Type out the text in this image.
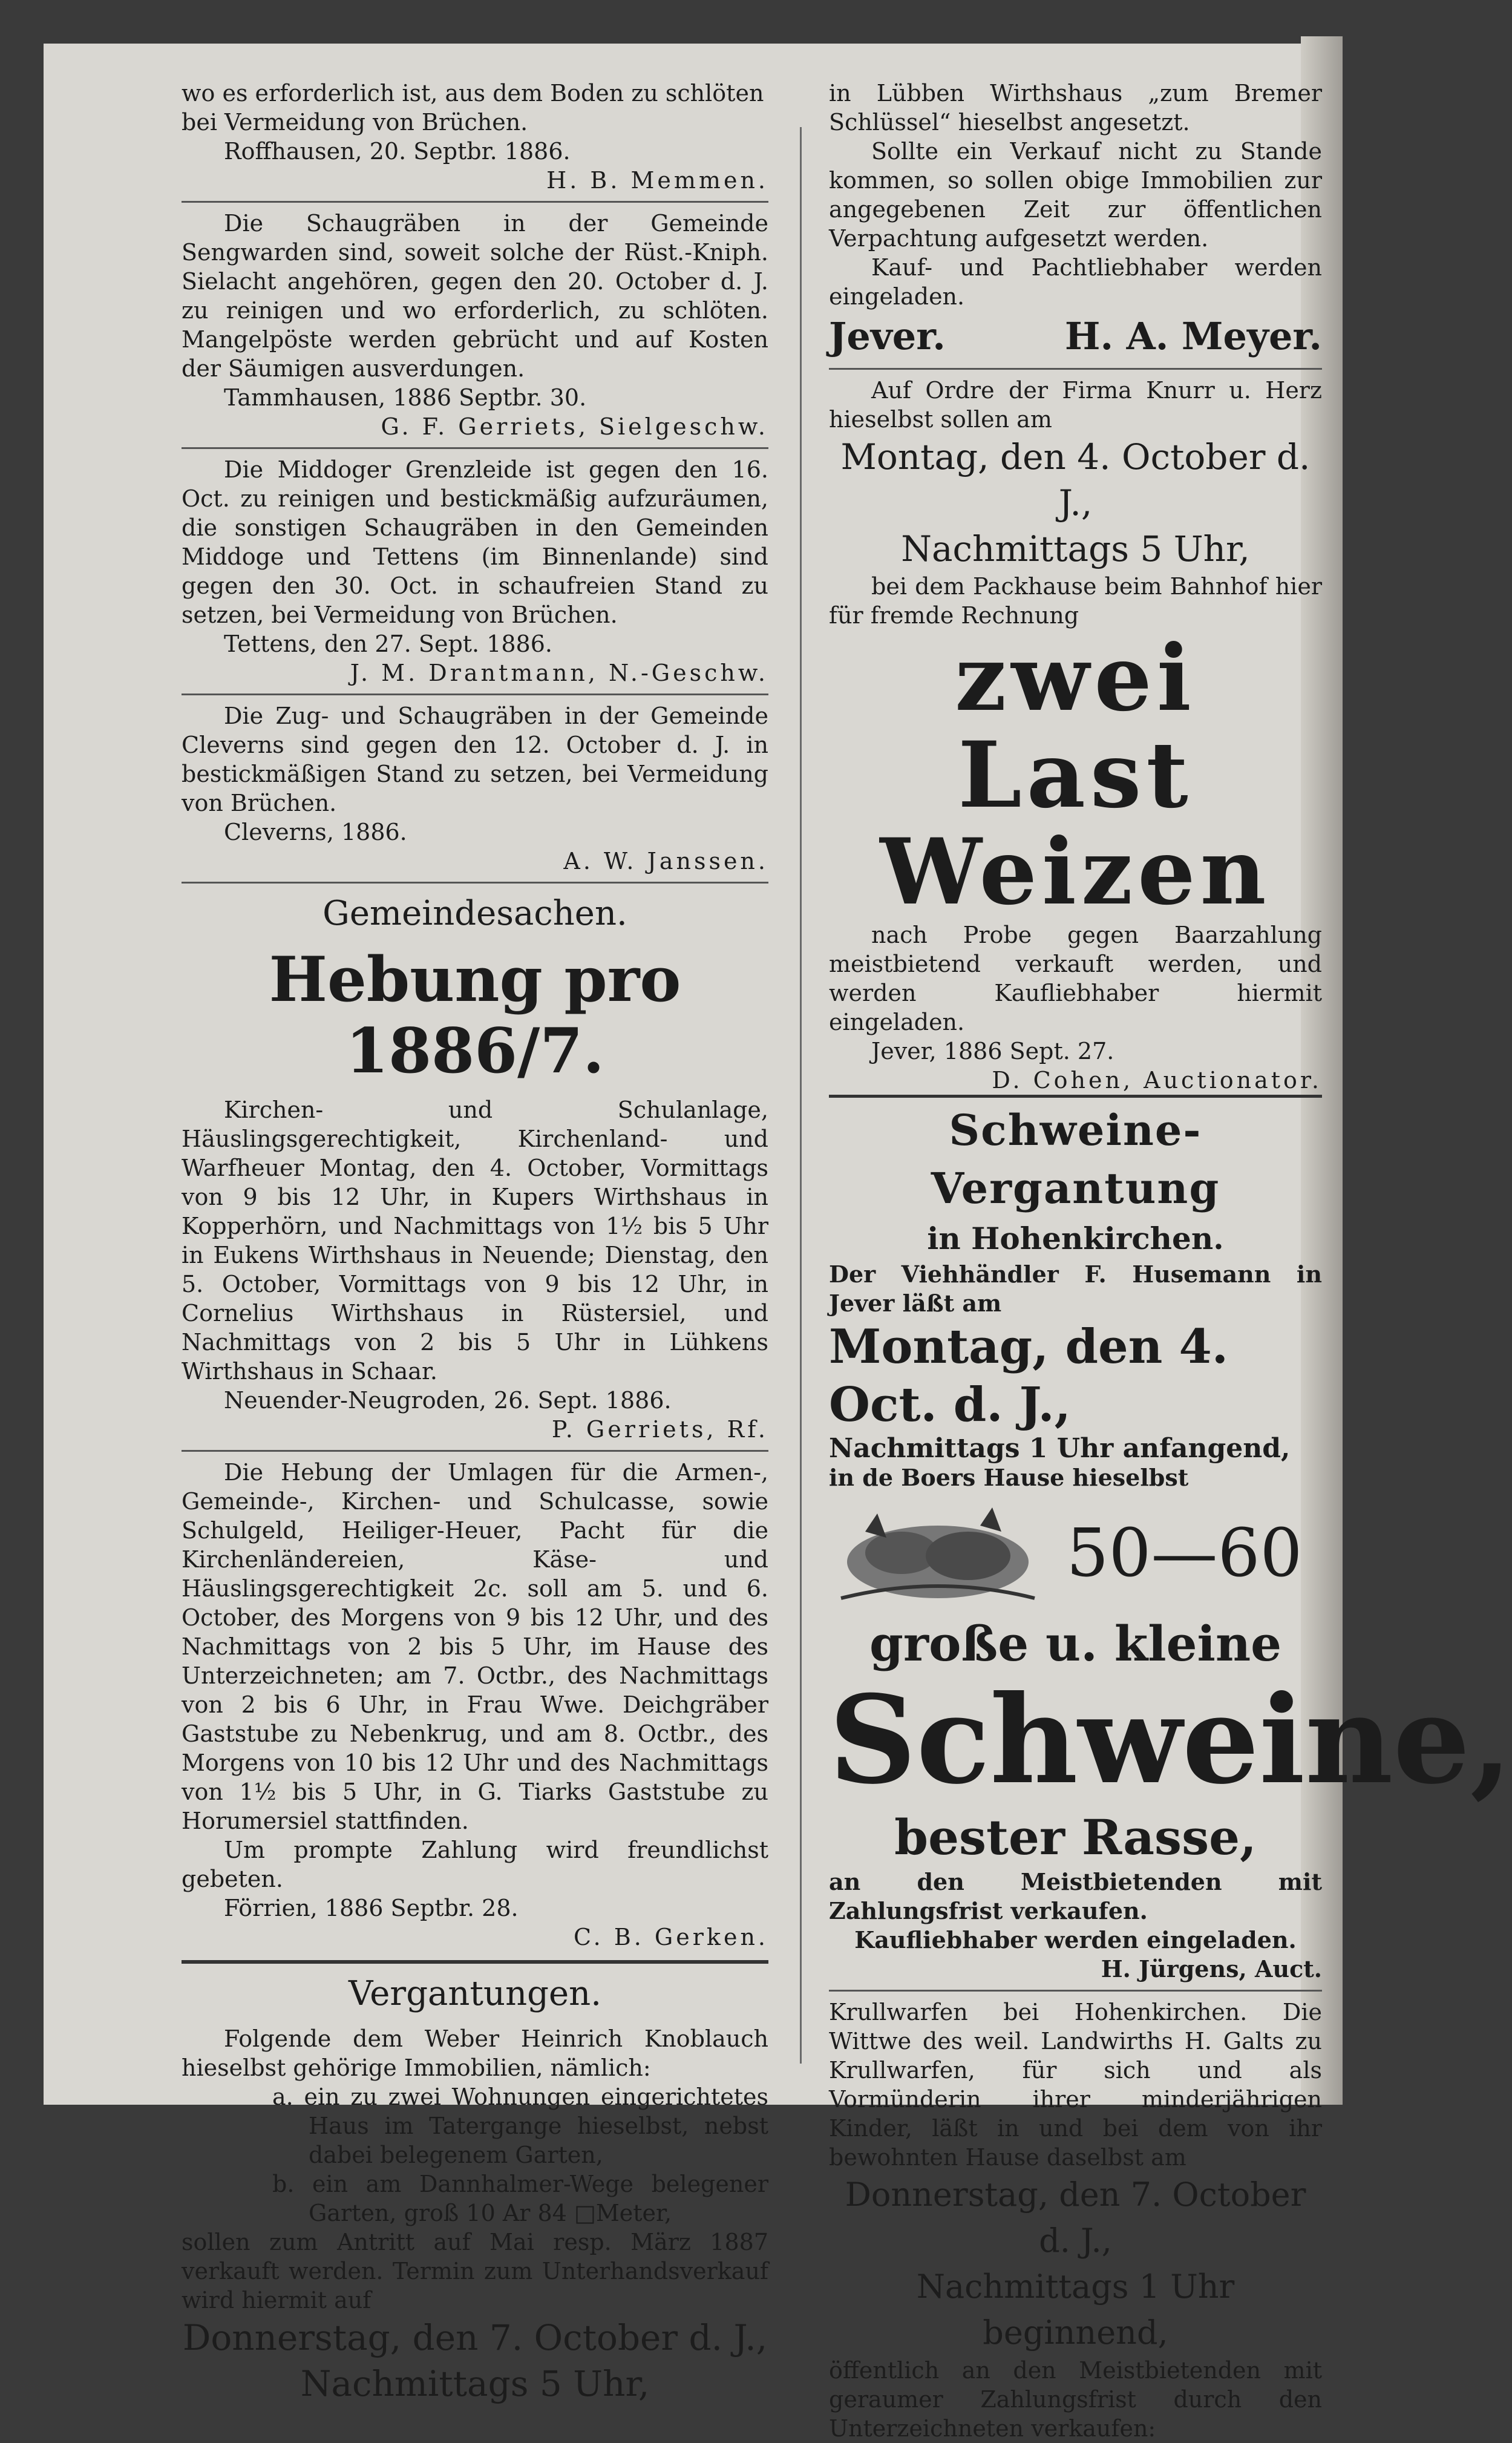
wo es erforderlich ist, aus dem Boden zu schlöten

bei Vermeidung von Brüchen.

Roffhausen, 20. Septbr. 1886.

H. B. Memmen.

Die Schaugräben in der Gemeinde Sengwarden sind, soweit solche der Rüst.-Kniph. Sielacht angehören, gegen den 20. October d. J. zu reinigen und wo erforderlich, zu schlöten. Mangelpöste werden gebrücht und auf Kosten der Säumigen ausverdungen.

Tammhausen, 1886 Septbr. 30.

G. F. Gerriets, Sielgeschw.

Die Middoger Grenzleide ist gegen den 16. Oct. zu reinigen und bestickmäßig aufzuräumen, die sonstigen Schaugräben in den Gemeinden Middoge und Tettens (im Binnenlande) sind gegen den 30. Oct. in schaufreien Stand zu setzen, bei Vermeidung von Brüchen.

Tettens, den 27. Sept. 1886.

J. M. Drantmann, N.-Geschw.

Die Zug- und Schaugräben in der Gemeinde Cleverns sind gegen den 12. October d. J. in bestickmäßigen Stand zu setzen, bei Vermeidung von Brüchen.

Cleverns, 1886.

A. W. Janssen.

Gemeindesachen.

Hebung pro 1886/7.

Kirchen- und Schulanlage, Häuslingsgerechtigkeit, Kirchenland- und Warfheuer Montag, den 4. October, Vormittags von 9 bis 12 Uhr, in Kupers Wirthshaus in Kopperhörn, und Nachmittags von 1½ bis 5 Uhr in Eukens Wirthshaus in Neuende; Dienstag, den 5. October, Vormittags von 9 bis 12 Uhr, in Cornelius Wirthshaus in Rüstersiel, und Nachmittags von 2 bis 5 Uhr in Lühkens Wirthshaus in Schaar.

Neuender-Neugroden, 26. Sept. 1886.

P. Gerriets, Rf.

Die Hebung der Umlagen für die Armen-, Gemeinde-, Kirchen- und Schulcasse, sowie Schulgeld, Heiliger-Heuer, Pacht für die Kirchenländereien, Käse- und Häuslingsgerechtigkeit 2c. soll am 5. und 6. October, des Morgens von 9 bis 12 Uhr, und des Nachmittags von 2 bis 5 Uhr, im Hause des Unterzeichneten; am 7. Octbr., des Nachmittags von 2 bis 6 Uhr, in Frau Wwe. Deichgräber Gaststube zu Nebenkrug, und am 8. Octbr., des Morgens von 10 bis 12 Uhr und des Nachmittags von 1½ bis 5 Uhr, in G. Tiarks Gaststube zu Horumersiel stattfinden.

Um prompte Zahlung wird freundlichst gebeten.

Förrien, 1886 Septbr. 28.

C. B. Gerken.

Vergantungen.

Folgende dem Weber Heinrich Knoblauch hieselbst gehörige Immobilien, nämlich:

a. ein zu zwei Wohnungen eingerichtetes Haus im Tatergange hieselbst, nebst dabei belegenem Garten,

b. ein am Dannhalmer-Wege belegener Garten, groß 10 Ar 84 □Meter,

sollen zum Antritt auf Mai resp. März 1887 verkauft werden. Termin zum Unterhandsverkauf wird hiermit auf

Donnerstag, den 7. October d. J.,

Nachmittags 5 Uhr,

in Lübben Wirthshaus „zum Bremer Schlüssel“ hieselbst angesetzt.

Sollte ein Verkauf nicht zu Stande kommen, so sollen obige Immobilien zur angegebenen Zeit zur öffentlichen Verpachtung aufgesetzt werden.

Kauf- und Pachtliebhaber werden eingeladen.

Jever.	H. A. Meyer.

Auf Ordre der Firma Knurr u. Herz hieselbst sollen am

Montag, den 4. October d. J.,

Nachmittags 5 Uhr,

bei dem Packhause beim Bahnhof hier für fremde Rechnung

zwei

Last Weizen

nach Probe gegen Baarzahlung meistbietend verkauft werden, und werden Kaufliebhaber hiermit eingeladen.

Jever, 1886 Sept. 27.

D. Cohen, Auctionator.

Schweine-Vergantung

in Hohenkirchen.

Der Viehhändler F. Husemann in Jever läßt am

Montag, den 4. Oct. d. J.,

Nachmittags 1 Uhr anfangend,

in de Boers Hause hieselbst

50—60

große u. kleine

Schweine,

bester Rasse,

an den Meistbietenden mit Zahlungsfrist verkaufen.

Kaufliebhaber werden eingeladen.

H. Jürgens, Auct.

Krullwarfen bei Hohenkirchen. Die Wittwe des weil. Landwirths H. Galts zu Krullwarfen, für sich und als Vormünderin ihrer minderjährigen Kinder, läßt in und bei dem von ihr bewohnten Hause daselbst am

Donnerstag, den 7. October d. J.,

Nachmittags 1 Uhr beginnend,

öffentlich an den Meistbietenden mit geraumer Zahlungsfrist durch den Unterzeichneten verkaufen:
